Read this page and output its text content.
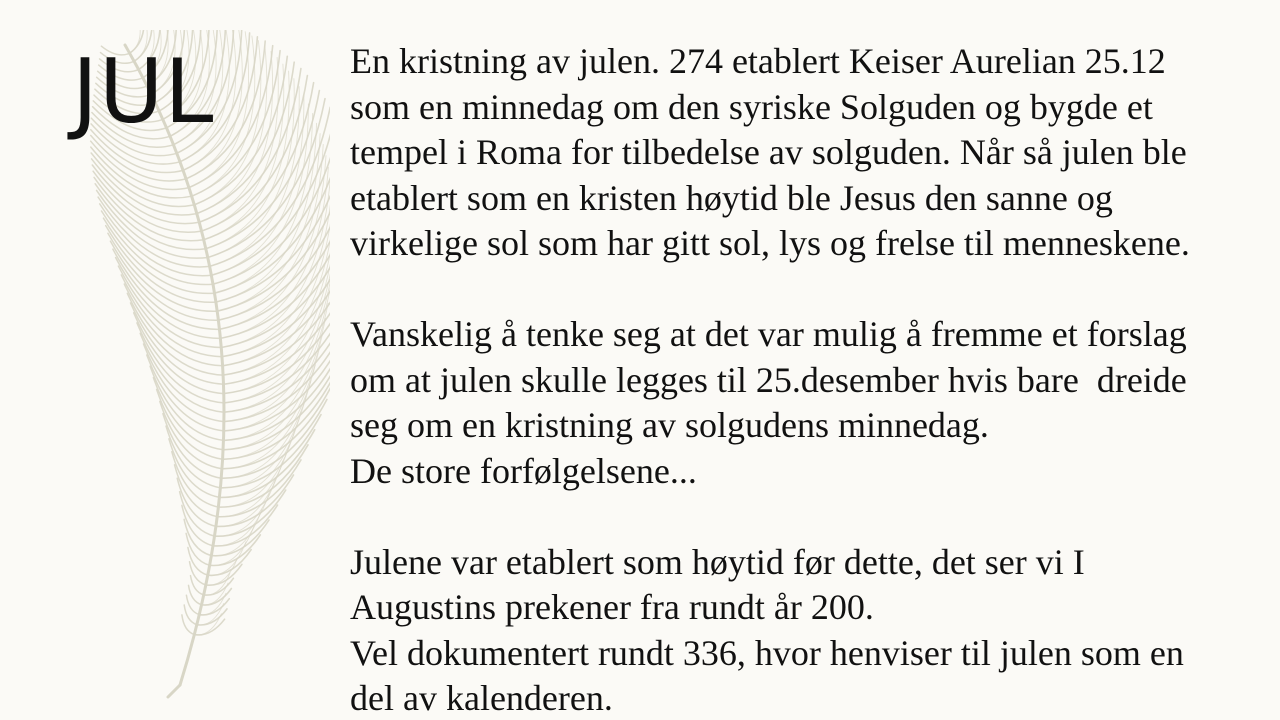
JUL	En kristning av julen. 274 etablert Keiser Aurelian 25.12
som en minnedag om den syriske Solguden og bygde et
tempel i Roma for tilbedelse av solguden. Når så julen ble
etablert som en kristen høytid ble Jesus den sanne og
virkelige sol som har gitt sol, lys og frelse til menneskene.
Vanskelig å tenke seg at det var mulig å fremme et forslag
om at julen skulle legges til 25.desember hvis bare  dreide
seg om en kristning av solgudens minnedag.
De store forfølgelsene...
Julene var etablert som høytid før dette, det ser vi I
Augustins prekener fra rundt år 200.
Vel dokumentert rundt 336, hvor henviser til julen som en
del av kalenderen.
